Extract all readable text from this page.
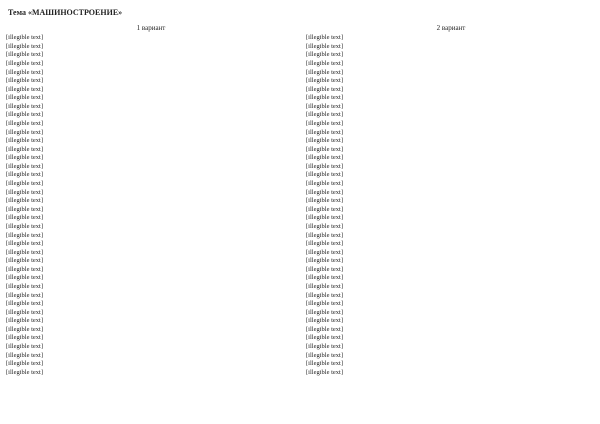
Тема «МАШИНОСТРОЕНИЕ»
1 вариант
[illegible text]
[illegible text]
[illegible text]
[illegible text]
[illegible text]
[illegible text]
[illegible text]
[illegible text]
[illegible text]
[illegible text]
[illegible text]
[illegible text]
[illegible text]
[illegible text]
[illegible text]
[illegible text]
[illegible text]
[illegible text]
[illegible text]
[illegible text]
[illegible text]
[illegible text]
[illegible text]
[illegible text]
[illegible text]
[illegible text]
[illegible text]
[illegible text]
[illegible text]
[illegible text]
[illegible text]
[illegible text]
[illegible text]
[illegible text]
[illegible text]
[illegible text]
[illegible text]
[illegible text]
[illegible text]
[illegible text]
2 вариант
[illegible text]
[illegible text]
[illegible text]
[illegible text]
[illegible text]
[illegible text]
[illegible text]
[illegible text]
[illegible text]
[illegible text]
[illegible text]
[illegible text]
[illegible text]
[illegible text]
[illegible text]
[illegible text]
[illegible text]
[illegible text]
[illegible text]
[illegible text]
[illegible text]
[illegible text]
[illegible text]
[illegible text]
[illegible text]
[illegible text]
[illegible text]
[illegible text]
[illegible text]
[illegible text]
[illegible text]
[illegible text]
[illegible text]
[illegible text]
[illegible text]
[illegible text]
[illegible text]
[illegible text]
[illegible text]
[illegible text]
